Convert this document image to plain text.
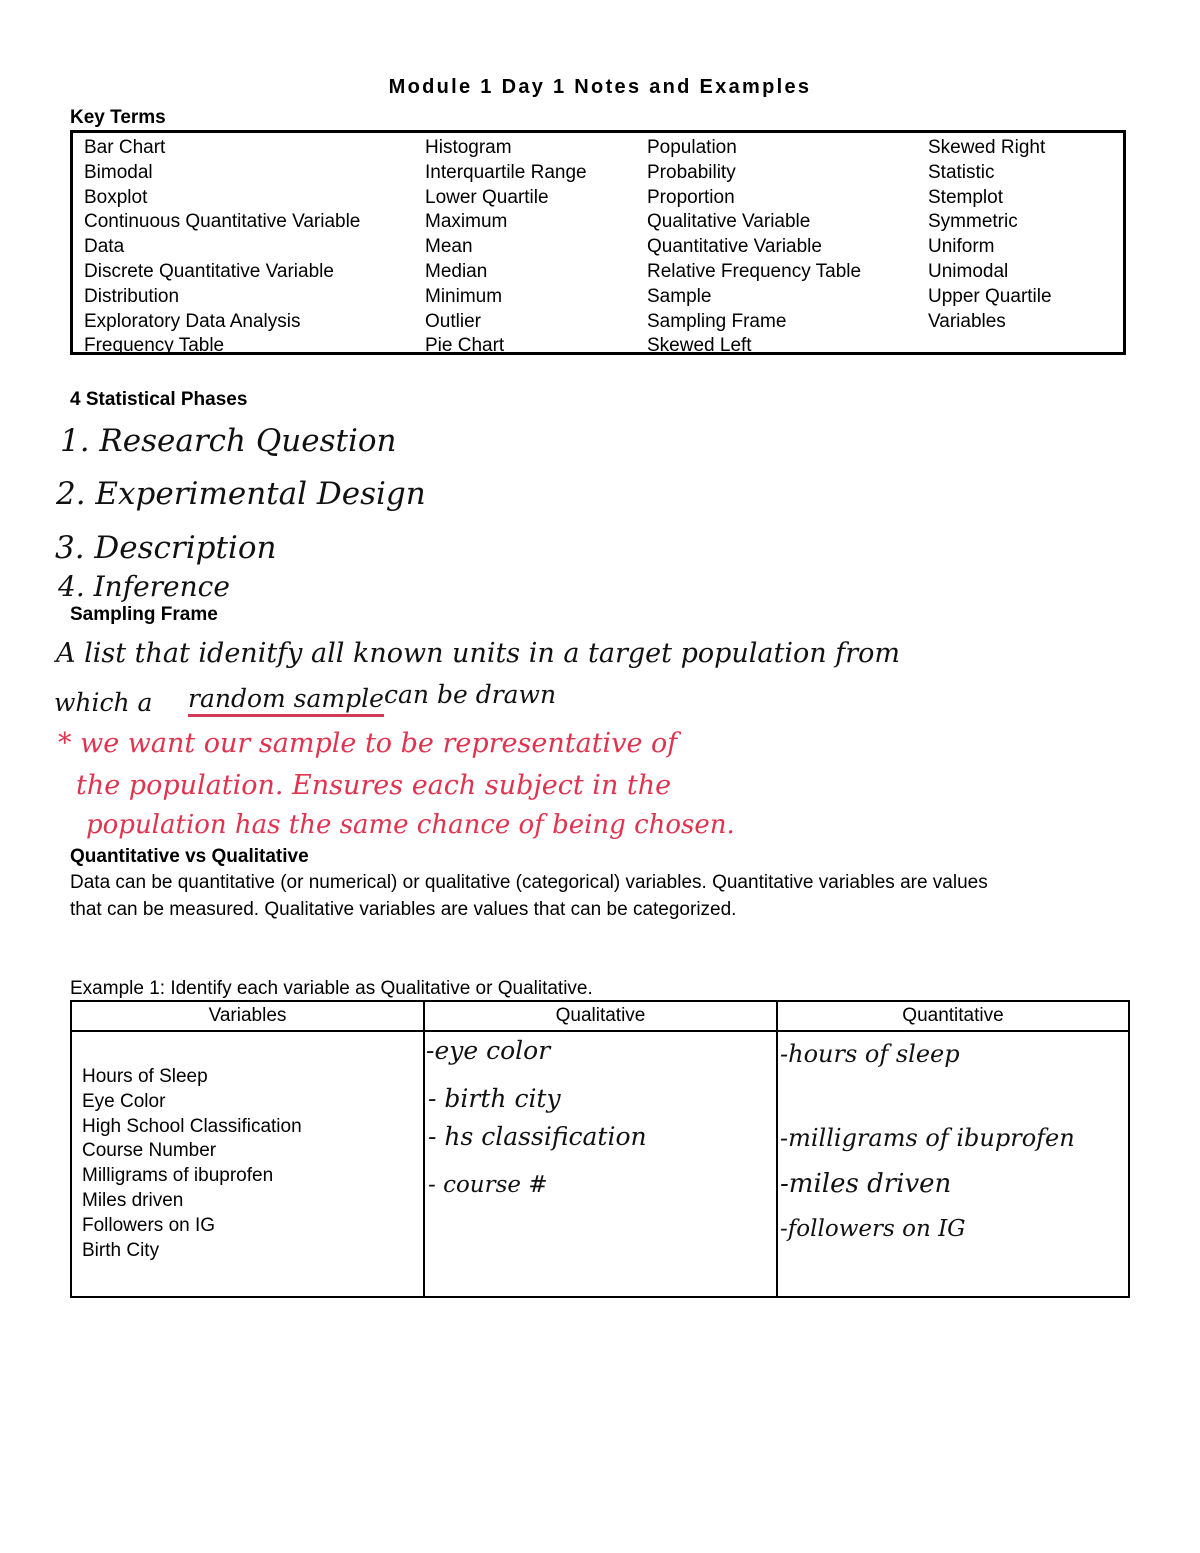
Module 1 Day 1 Notes and Examples
Key Terms
Bar Chart
Bimodal
Boxplot
Continuous Quantitative Variable
Data
Discrete Quantitative Variable
Distribution
Exploratory Data Analysis
Frequency Table
Histogram
Interquartile Range
Lower Quartile
Maximum
Mean
Median
Minimum
Outlier
Pie Chart
Population
Probability
Proportion
Qualitative Variable
Quantitative Variable
Relative Frequency Table
Sample
Sampling Frame
Skewed Left
Skewed Right
Statistic
Stemplot
Symmetric
Uniform
Unimodal
Upper Quartile
Variables
4 Statistical Phases
1. Research Question
2. Experimental Design
3. Description
4. Inference
Sampling Frame
A list that idenitfy all known units in a target population from
which a random sample can be drawn
* we want our sample to be representative of
the population. Ensures each subject in the
population has the same chance of being chosen.
Quantitative vs Qualitative
Data can be quantitative (or numerical) or qualitative (categorical) variables. Quantitative variables are values
that can be measured. Qualitative variables are values that can be categorized.
Example 1: Identify each variable as Qualitative or Qualitative.
Variables	Qualitative	Quantitative
Hours of Sleep
Eye Color
High School Classification
Course Number
Milligrams of ibuprofen
Miles driven
Followers on IG
Birth City
-eye color
- birth city
- hs classification
- course #
-hours of sleep
-milligrams of ibuprofen
-miles driven
-followers on IG
